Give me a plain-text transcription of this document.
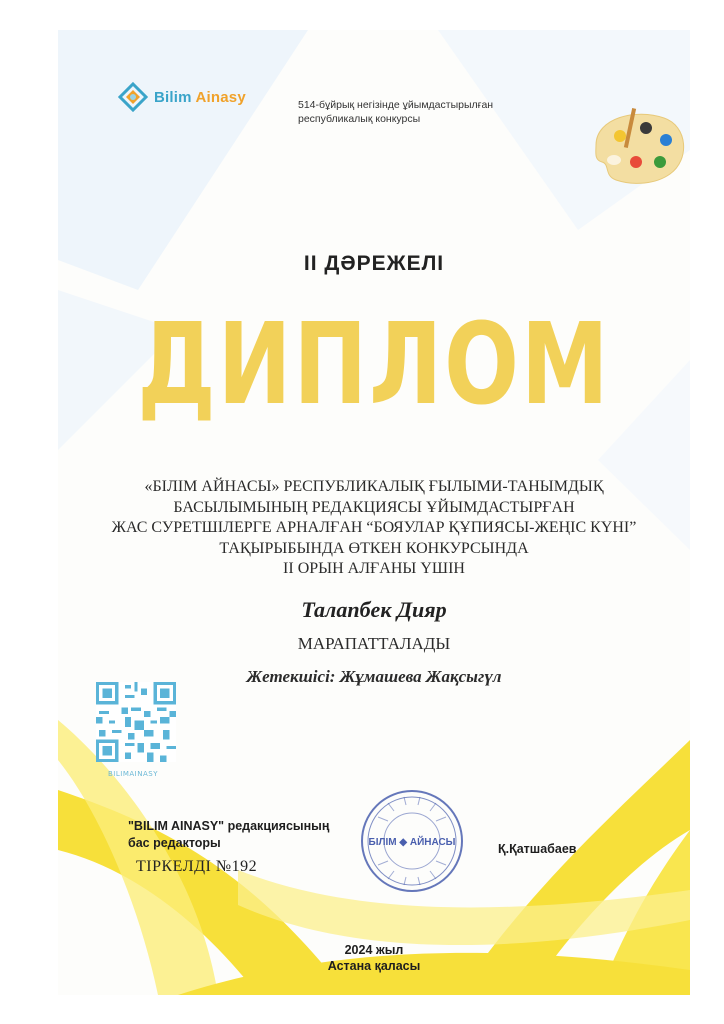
Bilim Ainasy	514-бұйрық негізінде ұйымдастырылған
республикалық конкурсы
II ДӘРЕЖЕЛІ
ДИПЛОМ
«БІЛІМ АЙНАСЫ» РЕСПУБЛИКАЛЫҚ ҒЫЛЫМИ-ТАНЫМДЫҚ
БАСЫЛЫМЫНЫҢ РЕДАКЦИЯСЫ ҰЙЫМДАСТЫРҒАН
ЖАС СУРЕТШІЛЕРГЕ АРНАЛҒАН “БОЯУЛАР ҚҰПИЯСЫ-ЖЕҢІС КҮНІ”
ТАҚЫРЫБЫНДА ӨТКЕН КОНКУРСЫНДА
ІІ ОРЫН АЛҒАНЫ ҮШІН
Талапбек Дияр
МАРАПАТТАЛАДЫ
Жетекшісі: Жұмашева Жақсыгүл
BILIMAINASY
"BILIM AINASY" редакциясының
бас редакторы
ТІРКЕЛДІ №192
БІЛІМ ◆ АЙНАСЫ	Қ.Қатшабаев
2024 жыл
Астана қаласы
